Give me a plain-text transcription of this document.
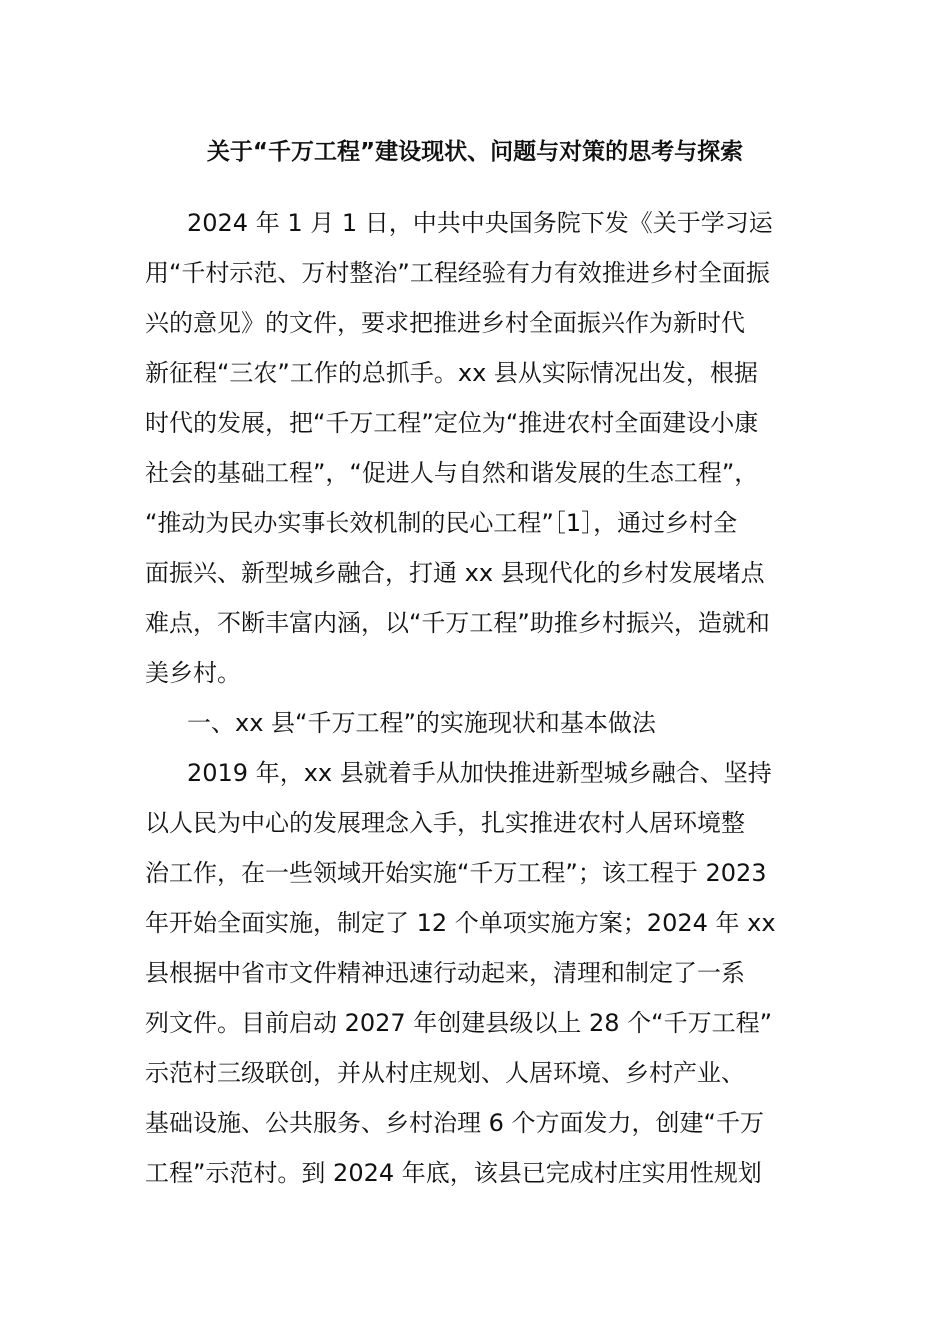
关于“千万工程”建设现状、问题与对策的思考与探索

2024 年 1 月 1 日，中共中央国务院下发《关于学习运

用“千村示范、万村整治”工程经验有力有效推进乡村全面振

兴的意见》的文件，要求把推进乡村全面振兴作为新时代

新征程“三农”工作的总抓手。xx 县从实际情况出发，根据

时代的发展，把“千万工程”定位为“推进农村全面建设小康

社会的基础工程”，“促进人与自然和谐发展的生态工程”，

“推动为民办实事长效机制的民心工程”［1］，通过乡村全

面振兴、新型城乡融合，打通 xx 县现代化的乡村发展堵点

难点，不断丰富内涵，以“千万工程”助推乡村振兴，造就和

美乡村。

一、xx 县“千万工程”的实施现状和基本做法

2019 年，xx 县就着手从加快推进新型城乡融合、坚持

以人民为中心的发展理念入手，扎实推进农村人居环境整

治工作，在一些领域开始实施“千万工程”；该工程于 2023

年开始全面实施，制定了 12 个单项实施方案；2024 年 xx

县根据中省市文件精神迅速行动起来，清理和制定了一系

列文件。目前启动 2027 年创建县级以上 28 个“千万工程”

示范村三级联创，并从村庄规划、人居环境、乡村产业、

基础设施、公共服务、乡村治理 6 个方面发力，创建“千万

工程”示范村。到 2024 年底，该县已完成村庄实用性规划
